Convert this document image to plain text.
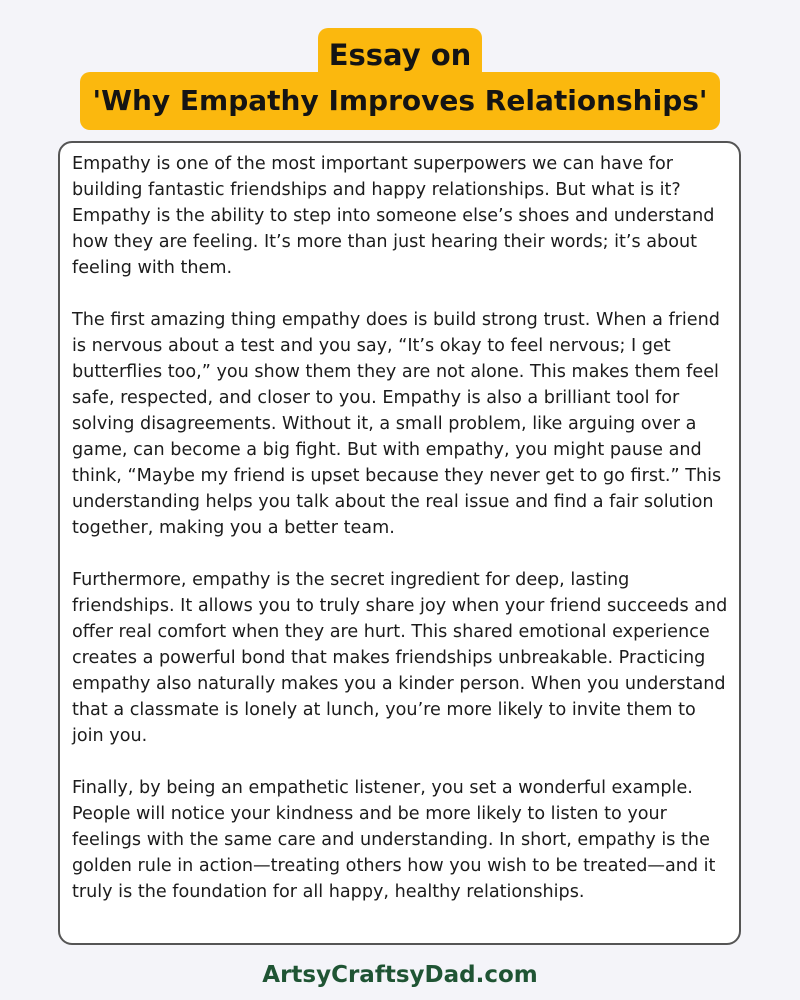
Essay on
'Why Empathy Improves Relationships'

Empathy is one of the most important superpowers we can have for building fantastic friendships and happy relationships. But what is it? Empathy is the ability to step into someone else’s shoes and understand how they are feeling. It’s more than just hearing their words; it’s about feeling with them.

The first amazing thing empathy does is build strong trust. When a friend is nervous about a test and you say, “It’s okay to feel nervous; I get butterflies too,” you show them they are not alone. This makes them feel safe, respected, and closer to you. Empathy is also a brilliant tool for solving disagreements. Without it, a small problem, like arguing over a game, can become a big fight. But with empathy, you might pause and think, “Maybe my friend is upset because they never get to go first.” This understanding helps you talk about the real issue and find a fair solution together, making you a better team.

Furthermore, empathy is the secret ingredient for deep, lasting friendships. It allows you to truly share joy when your friend succeeds and offer real comfort when they are hurt. This shared emotional experience creates a powerful bond that makes friendships unbreakable. Practicing empathy also naturally makes you a kinder person. When you understand that a classmate is lonely at lunch, you’re more likely to invite them to join you.

Finally, by being an empathetic listener, you set a wonderful example. People will notice your kindness and be more likely to listen to your feelings with the same care and understanding. In short, empathy is the golden rule in action—treating others how you wish to be treated—and it truly is the foundation for all happy, healthy relationships.

ArtsyCraftsyDad.com
